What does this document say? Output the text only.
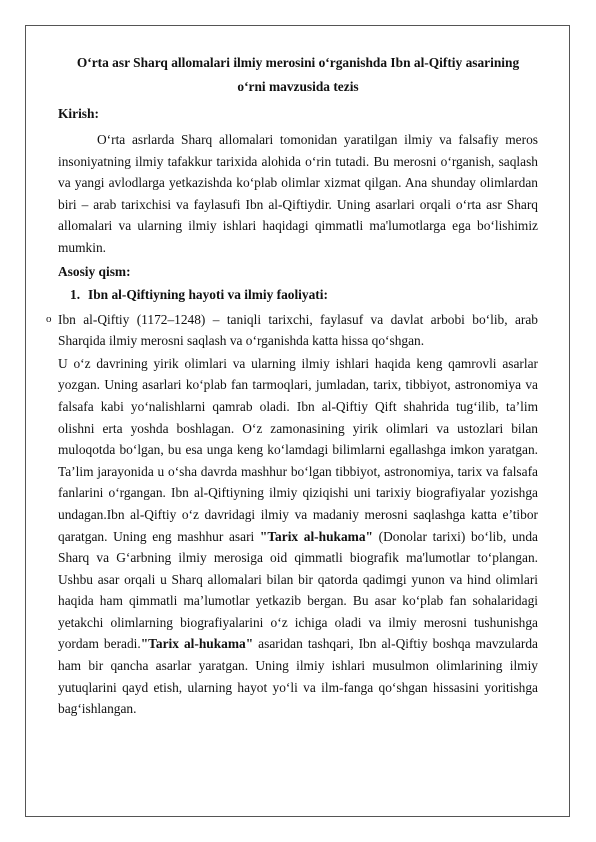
O‘rta asr Sharq allomalari ilmiy merosini o‘rganishda Ibn al-Qiftiy asarining

o‘rni mavzusida tezis

Kirish:

O‘rta asrlarda Sharq allomalari tomonidan yaratilgan ilmiy va falsafiy meros insoniyatning ilmiy tafakkur tarixida alohida o‘rin tutadi. Bu merosni o‘rganish, saqlash va yangi avlodlarga yetkazishda ko‘plab olimlar xizmat qilgan. Ana shunday olimlardan biri – arab tarixchisi va faylasufi Ibn al-Qiftiydir. Uning asarlari orqali o‘rta asr Sharq allomalari va ularning ilmiy ishlari haqidagi qimmatli ma'lumotlarga ega bo‘lishimiz mumkin.

Asosiy qism:

1. Ibn al-Qiftiyning hayoti va ilmiy faoliyati:

o Ibn al-Qiftiy (1172–1248) – taniqli tarixchi, faylasuf va davlat arbobi bo‘lib, arab Sharqida ilmiy merosni saqlash va o‘rganishda katta hissa qo‘shgan.

U o‘z davrining yirik olimlari va ularning ilmiy ishlari haqida keng qamrovli asarlar yozgan. Uning asarlari ko‘plab fan tarmoqlari, jumladan, tarix, tibbiyot, astronomiya va falsafa kabi yo‘nalishlarni qamrab oladi. Ibn al-Qiftiy Qift shahrida tug‘ilib, ta’lim olishni erta yoshda boshlagan. O‘z zamonasining yirik olimlari va ustozlari bilan muloqotda bo‘lgan, bu esa unga keng ko‘lamdagi bilimlarni egallashga imkon yaratgan. Ta’lim jarayonida u o‘sha davrda mashhur bo‘lgan tibbiyot, astronomiya, tarix va falsafa fanlarini o‘rgangan. Ibn al-Qiftiyning ilmiy qiziqishi uni tarixiy biografiyalar yozishga undagan.Ibn al-Qiftiy o‘z davridagi ilmiy va madaniy merosni saqlashga katta e’tibor qaratgan. Uning eng mashhur asari "Tarix al-hukama" (Donolar tarixi) bo‘lib, unda Sharq va G‘arbning ilmiy merosiga oid qimmatli biografik ma'lumotlar to‘plangan. Ushbu asar orqali u Sharq allomalari bilan bir qatorda qadimgi yunon va hind olimlari haqida ham qimmatli ma’lumotlar yetkazib bergan. Bu asar ko‘plab fan sohalaridagi yetakchi olimlarning biografiyalarini o‘z ichiga oladi va ilmiy merosni tushunishga yordam beradi."Tarix al-hukama" asaridan tashqari, Ibn al-Qiftiy boshqa mavzularda ham bir qancha asarlar yaratgan. Uning ilmiy ishlari musulmon olimlarining ilmiy yutuqlarini qayd etish, ularning hayot yo‘li va ilm-fanga qo‘shgan hissasini yoritishga bag‘ishlangan.
